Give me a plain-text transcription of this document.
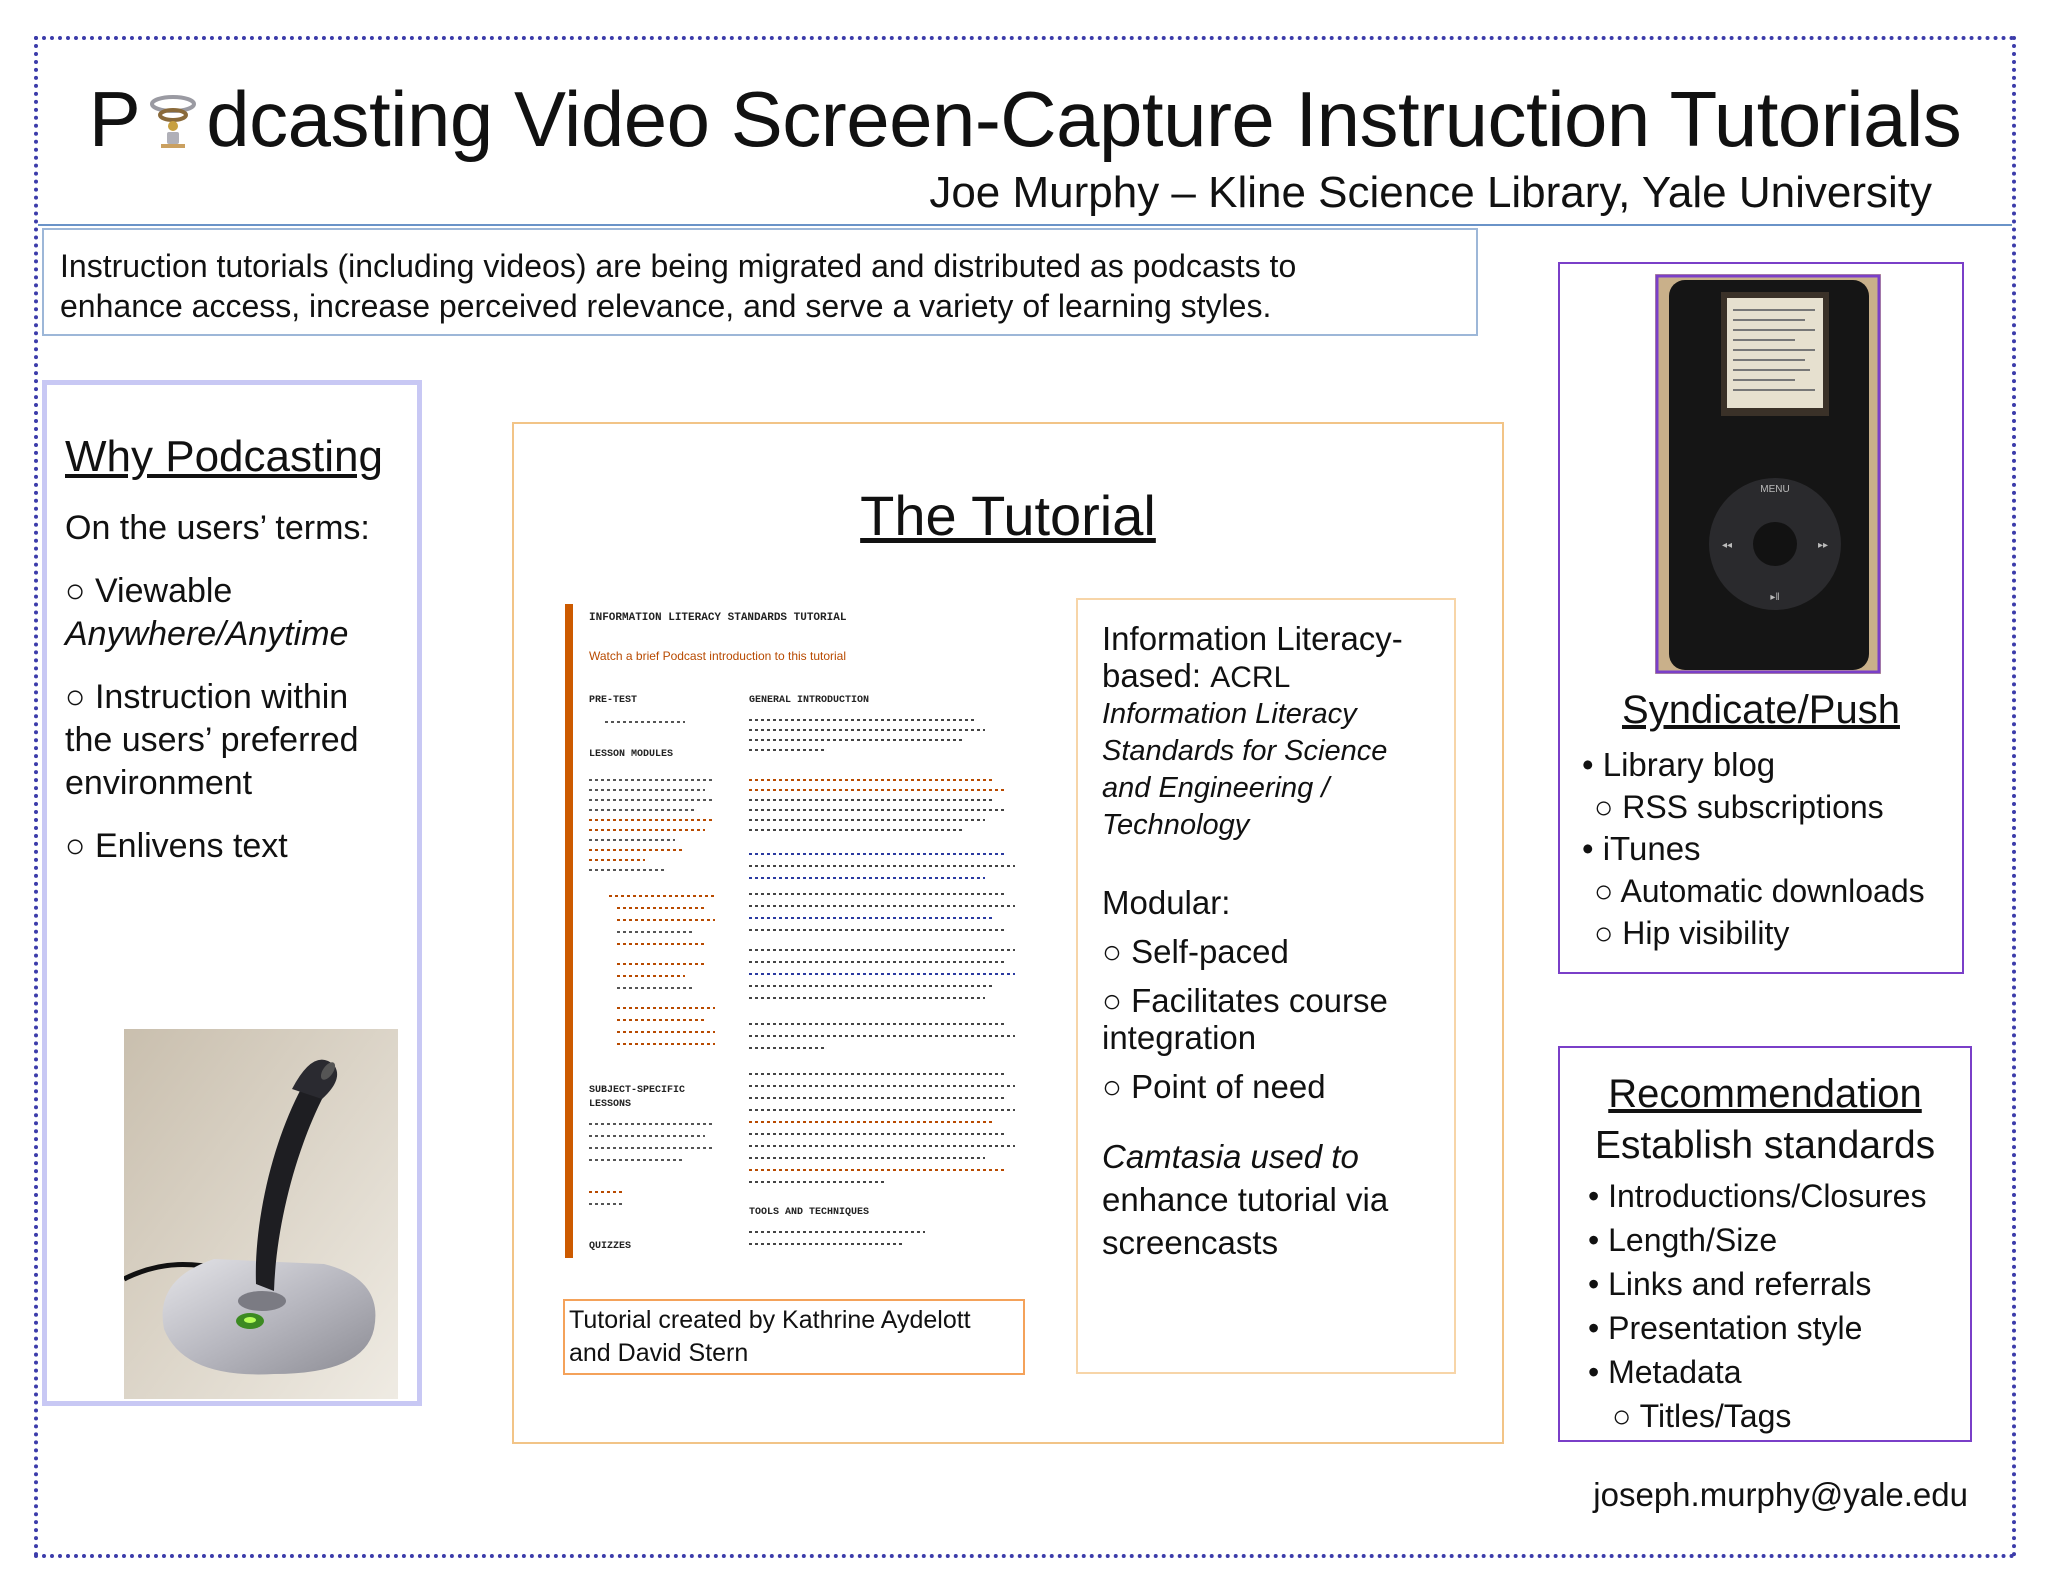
P dcasting Video Screen-Capture Instruction Tutorials
Joe Murphy – Kline Science Library, Yale University
Instruction tutorials (including videos) are being migrated and distributed as podcasts to
enhance access, increase perceived relevance, and serve a variety of learning styles.
Why Podcasting

On the users’ terms:

○ Viewable

Anywhere/Anytime

○ Instruction within

the users’ preferred

environment

○ Enlivens text

The Tutorial
INFORMATION LITERACY STANDARDS TUTORIAL
Watch a brief Podcast introduction to this tutorial
PRE-TEST
LESSON MODULES
SUBJECT-SPECIFIC
LESSONS
QUIZZES
GENERAL INTRODUCTION
TOOLS AND TECHNIQUES
Tutorial created by Kathrine Aydelott
and David Stern

Information Literacy-

based: ACRL

Information Literacy

Standards for Science

and Engineering /

Technology

Modular:

○ Self-paced

○ Facilitates course

integration

○ Point of need

Camtasia used to

enhance tutorial via

screencasts

Syndicate/Push
• Library blog
○ RSS subscriptions
• iTunes
○ Automatic downloads
○ Hip visibility
MENU
◂◂	▸▸
▸‖
Recommendation
Establish standards
• Introductions/Closures
• Length/Size
• Links and referrals
• Presentation style
• Metadata
○ Titles/Tags
joseph.murphy@yale.edu
